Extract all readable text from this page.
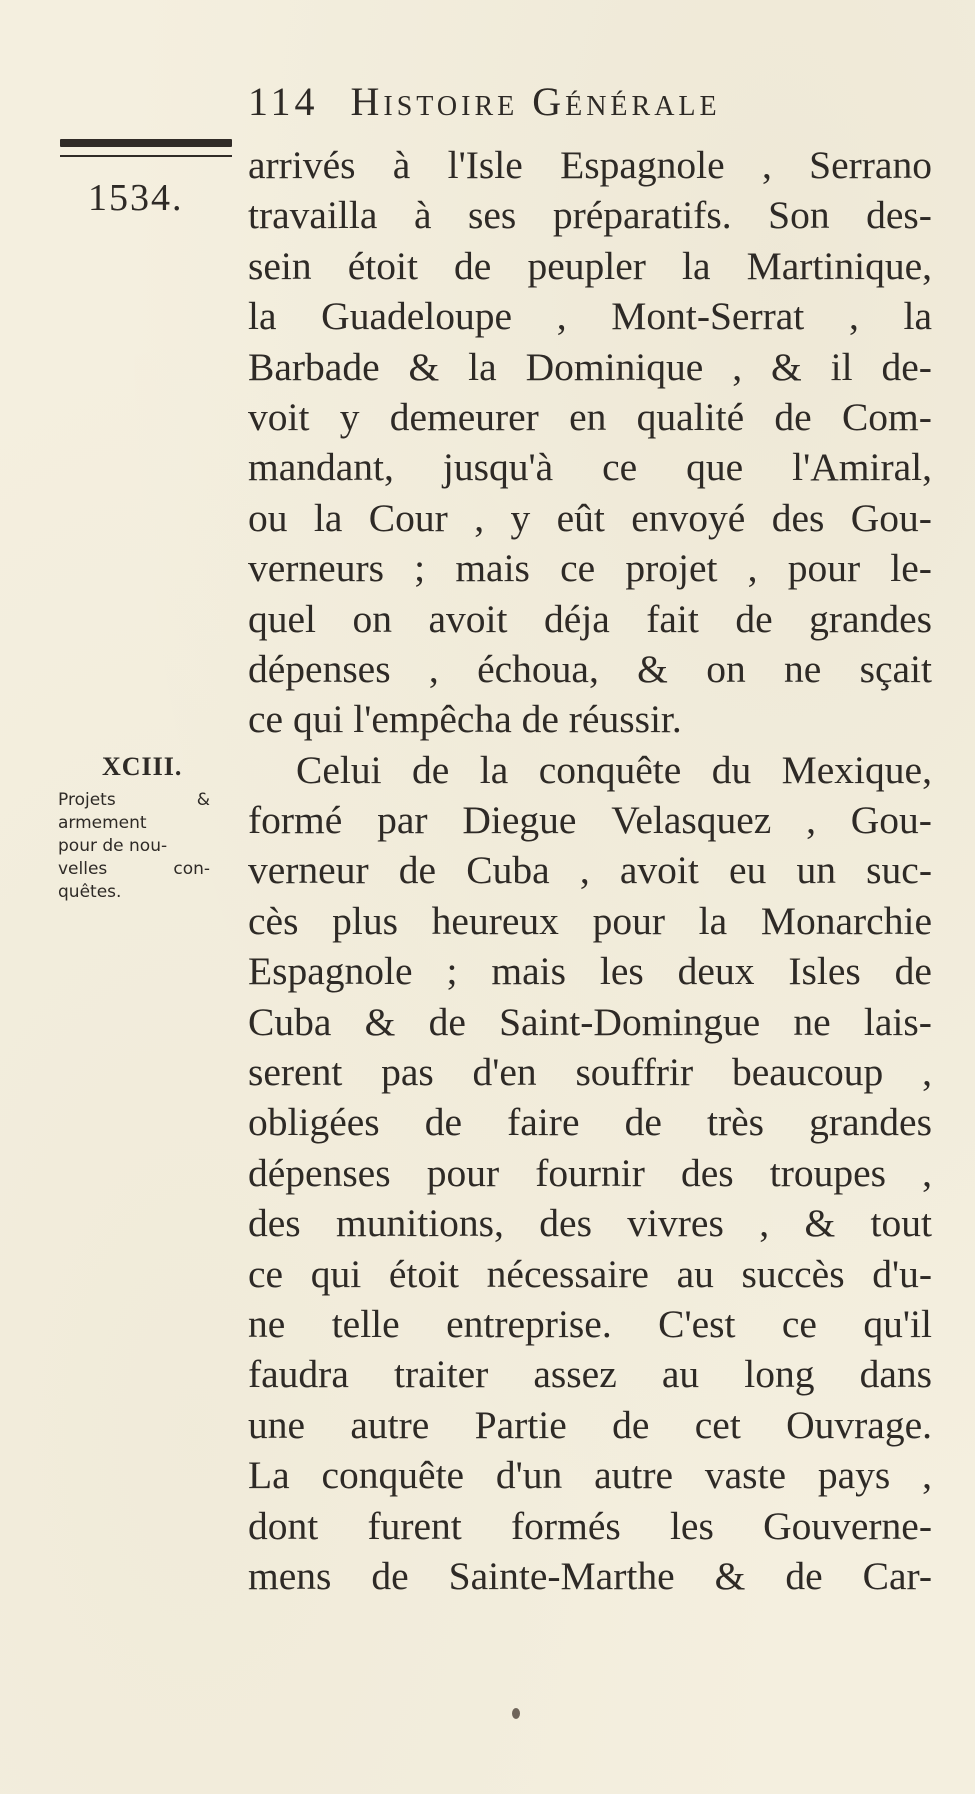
114 Histoire Générale
1534.
XCIII.
Projets	&
armement
pour de nou-
velles	con-
quêtes.
arrivés à l'Isle Espagnole , Serrano
travailla à ses préparatifs. Son des-
sein étoit de peupler la Martinique,
la Guadeloupe , Mont-Serrat , la
Barbade & la Dominique , & il de-
voit y demeurer en qualité de Com-
mandant, jusqu'à ce que l'Amiral,
ou la Cour , y eût envoyé des Gou-
verneurs ; mais ce projet , pour le-
quel on avoit déja fait de grandes
dépenses , échoua, & on ne sçait
ce qui l'empêcha de réussir.
Celui de la conquête du Mexique,
formé par Diegue Velasquez , Gou-
verneur de Cuba , avoit eu un suc-
cès plus heureux pour la Monarchie
Espagnole ; mais les deux Isles de
Cuba & de Saint-Domingue ne lais-
serent pas d'en souffrir beaucoup ,
obligées de faire de très grandes
dépenses pour fournir des troupes ,
des munitions, des vivres , & tout
ce qui étoit nécessaire au succès d'u-
ne telle entreprise. C'est ce qu'il
faudra traiter assez au long dans
une autre Partie de cet Ouvrage.
La conquête d'un autre vaste pays ,
dont furent formés les Gouverne-
mens de Sainte-Marthe & de Car-
